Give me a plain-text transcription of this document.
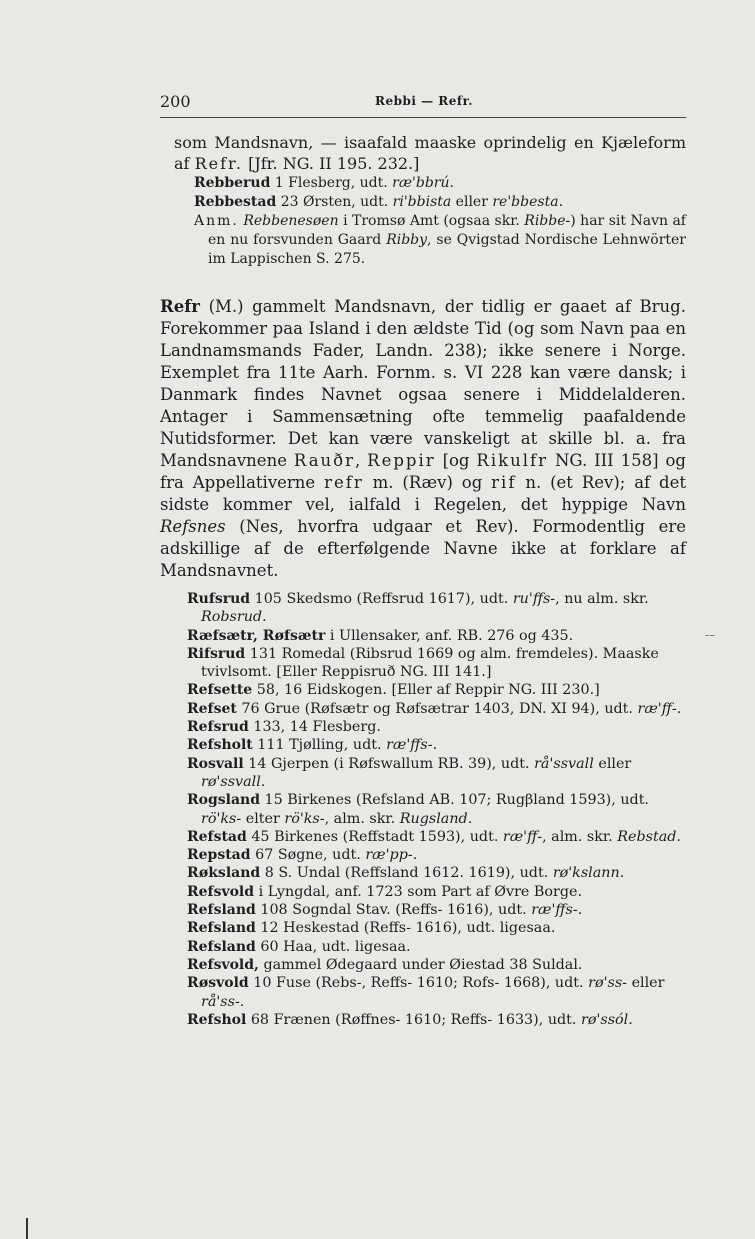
200	Rebbi — Refr.

som Mandsnavn, — isaafald maaske oprindelig en Kjæleform af Refr. [Jfr. NG. II 195. 232.]

Rebberud 1 Flesberg, udt. ræ'bbrú.

Rebbestad 23 Ørsten, udt. ri'bbista eller re'bbesta.

Anm. Rebbenesøen i Tromsø Amt (ogsaa skr. Ribbe-) har sit Navn af en nu forsvunden Gaard Ribby, se Qvigstad Nordische Lehnwörter im Lappischen S. 275.

Refr (M.) gammelt Mandsnavn, der tidlig er gaaet af Brug. Forekommer paa Island i den ældste Tid (og som Navn paa en Landnamsmands Fader, Landn. 238); ikke senere i Norge. Exemplet fra 11te Aarh. Fornm. s. VI 228 kan være dansk; i Danmark findes Navnet ogsaa senere i Middelalderen. Antager i Sammensætning ofte temmelig paafaldende Nutidsformer. Det kan være vanskeligt at skille bl. a. fra Mandsnavnene Rauðr, Reppir [og Rikulfr NG. III 158] og fra Appellativerne refr m. (Ræv) og rif n. (et Rev); af det sidste kommer vel, ialfald i Regelen, det hyppige Navn Refsnes (Nes, hvorfra udgaar et Rev). Formodentlig ere adskillige af de efterfølgende Navne ikke at forklare af Mandsnavnet.

Rufsrud 105 Skedsmo (Reffsrud 1617), udt. ru'ffs-, nu alm. skr. Robsrud.

Ræfsætr, Røfsætr i Ullensaker, anf. RB. 276 og 435.

Rifsrud 131 Romedal (Ribsrud 1669 og alm. fremdeles). Maaske tvivlsomt. [Eller Reppisruð NG. III 141.]

Refsette 58, 16 Eidskogen. [Eller af Reppir NG. III 230.]

Refset 76 Grue (Røfsætr og Røfsætrar 1403, DN. XI 94), udt. ræ'ff-.

Refsrud 133, 14 Flesberg.

Refsholt 111 Tjølling, udt. ræ'ffs-.

Rosvall 14 Gjerpen (i Røfswallum RB. 39), udt. rå'ssvall eller rø'ssvall.

Rogsland 15 Birkenes (Refsland AB. 107; Rugβland 1593), udt. rö'ks- elter rö'ks-, alm. skr. Rugsland.

Refstad 45 Birkenes (Reffstadt 1593), udt. ræ'ff-, alm. skr. Rebstad.

Repstad 67 Søgne, udt. ræ'pp-.

Røksland 8 S. Undal (Reffsland 1612. 1619), udt. rø'kslann.

Refsvold i Lyngdal, anf. 1723 som Part af Øvre Borge.

Refsland 108 Sogndal Stav. (Reffs- 1616), udt. ræ'ffs-.

Refsland 12 Heskestad (Reffs- 1616), udt. ligesaa.

Refsland 60 Haa, udt. ligesaa.

Refsvold, gammel Ødegaard under Øiestad 38 Suldal.

Røsvold 10 Fuse (Rebs-, Reffs- 1610; Rofs- 1668), udt. rø'ss- eller rå'ss-.

Refshol 68 Frænen (Røffnes- 1610; Reffs- 1633), udt. rø'ssól.

-–
